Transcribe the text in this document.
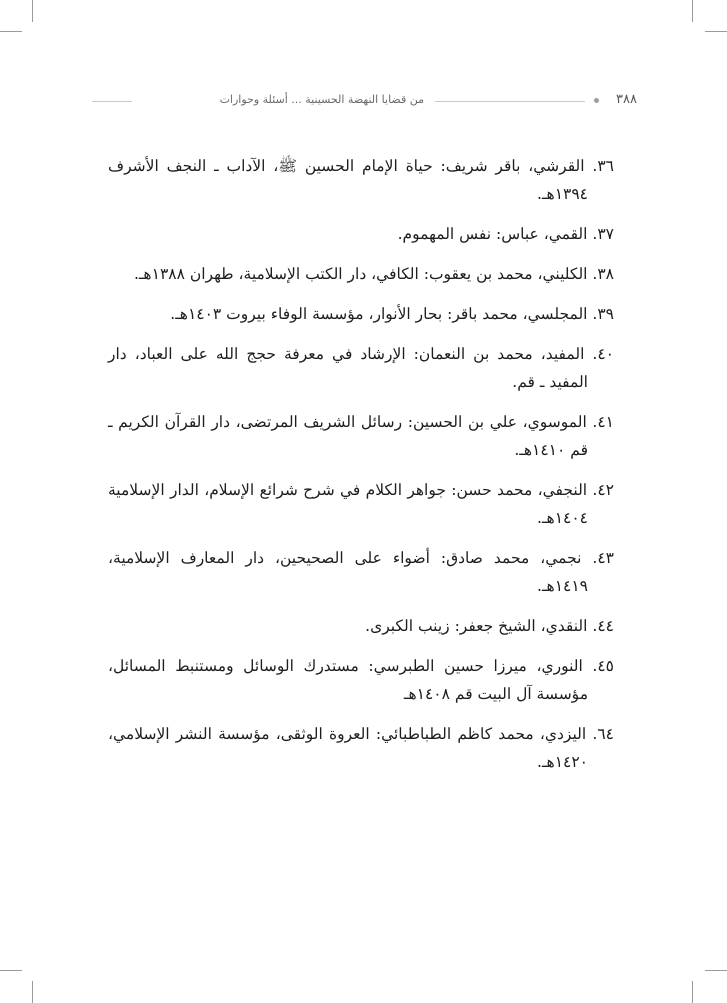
٣٨٨
من قضايا النهضة الحسينية ... أسئلة وحوارات
٣٦. القرشي، باقر شريف: حياة الإمام الحسين ﷺ، الآداب ـ النجف الأشرف ١٣٩٤هـ.
٣٧. القمي، عباس: نفس المهموم.
٣٨. الكليني، محمد بن يعقوب: الكافي، دار الكتب الإسلامية، طهران ١٣٨٨هـ.
٣٩. المجلسي، محمد باقر: بحار الأنوار، مؤسسة الوفاء بيروت ١٤٠٣هـ.
٤٠. المفيد، محمد بن النعمان: الإرشاد في معرفة حجج الله على العباد، دار المفيد ـ قم.
٤١. الموسوي، علي بن الحسين: رسائل الشريف المرتضى، دار القرآن الكريم ـ قم ١٤١٠هـ.
٤٢. النجفي، محمد حسن: جواهر الكلام في شرح شرائع الإسلام، الدار الإسلامية ١٤٠٤هـ.
٤٣. نجمي، محمد صادق: أضواء على الصحيحين، دار المعارف الإسلامية، ١٤١٩هـ.
٤٤. النقدي، الشيخ جعفر: زينب الكبرى.
٤٥. النوري، ميرزا حسين الطبرسي: مستدرك الوسائل ومستنبط المسائل، مؤسسة آل البيت قم ١٤٠٨هـ
٦٤. اليزدي، محمد كاظم الطباطبائي: العروة الوثقى، مؤسسة النشر الإسلامي، ١٤٢٠هـ.
